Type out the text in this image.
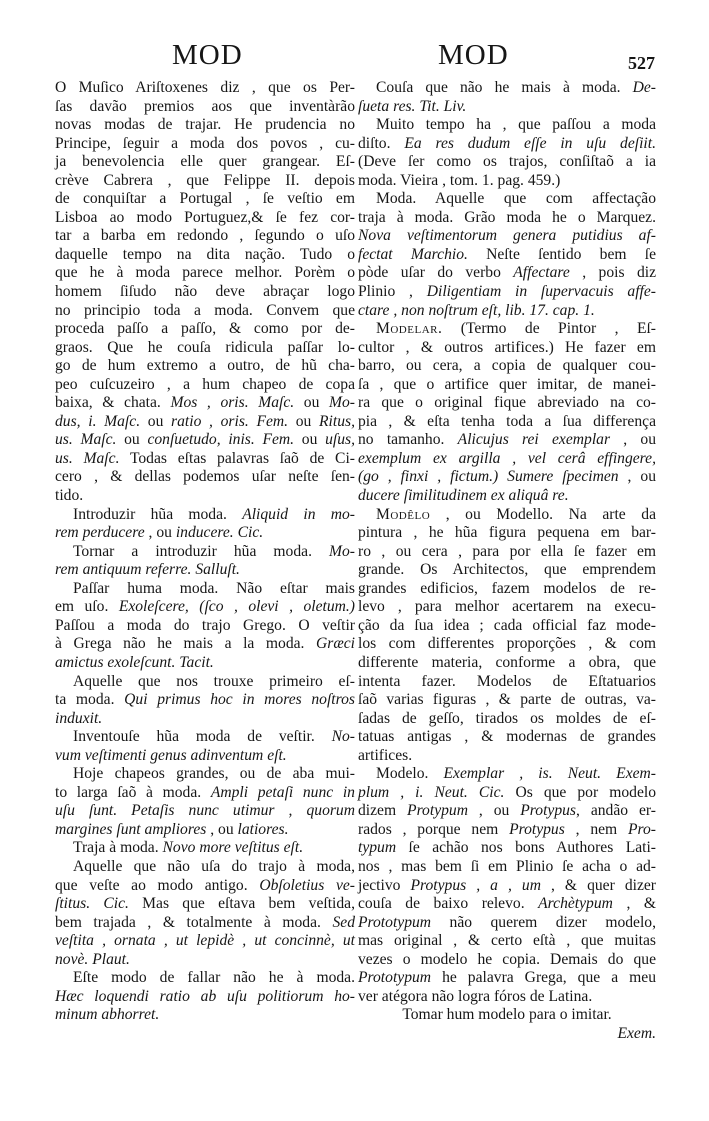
MOD	MOD	527
O Muſico Ariſtoxenes diz , que os Per-
ſas davão premios aos que inventàrão
novas modas de trajar. He prudencia no
Principe, ſeguir a moda dos povos , cu-
ja benevolencia elle quer grangear. Eſ-
crève Cabrera , que Felippe II. depois
de conquiſtar a Portugal , ſe veſtio em
Lisboa ao modo Portuguez,& ſe fez cor-
tar a barba em redondo , ſegundo o uſo
daquelle tempo na dita nação. Tudo o
que he à moda parece melhor. Porèm o
homem ſiſudo não deve abraçar logo
no principio toda a moda. Convem que
proceda paſſo a paſſo, & como por de-
graos. Que he couſa ridicula paſſar lo-
go de hum extremo a outro, de hũ cha-
peo cuſcuzeiro , a hum chapeo de copa
baixa, & chata. Mos , oris. Maſc. ou Mo-
dus, i. Maſc. ou ratio , oris. Fem. ou Ritus,
us. Maſc. ou conſuetudo, inis. Fem. ou uſus,
us. Maſc. Todas eſtas palavras ſaõ de Ci-
cero , & dellas podemos uſar neſte ſen-
tido.
Introduzir hũa moda. Aliquid in mo-
rem perducere , ou inducere. Cic.
Tornar a introduzir hũa moda. Mo-
rem antiquum referre. Salluſt.
Paſſar huma moda. Não eſtar mais
em uſo. Exoleſcere, (ſco , olevi , oletum.)
Paſſou a moda do trajo Grego. O veſtir
à Grega não he mais a la moda. Græci
amictus exoleſcunt. Tacit.
Aquelle que nos trouxe primeiro eſ-
ta moda. Qui primus hoc in mores noſtros
induxit.
Inventouſe hũa moda de veſtir. No-
vum veſtimenti genus adinventum eſt.
Hoje chapeos grandes, ou de aba mui-
to larga ſaõ à moda. Ampli petaſi nunc in
uſu ſunt. Petaſis nunc utimur , quorum
margines ſunt ampliores , ou latiores.
Traja à moda. Novo more veſtitus eſt.
Aquelle que não uſa do trajo à moda,
que veſte ao modo antigo. Obſoletius ve-
ſtitus. Cic. Mas que eſtava bem veſtida,
bem trajada , & totalmente à moda. Sed
veſtita , ornata , ut lepidè , ut concinnè, ut
novè. Plaut.
Eſte modo de fallar não he à moda.
Hæc loquendi ratio ab uſu politiorum ho-
minum abhorret.
Couſa que não he mais à moda. De-
ſueta res. Tit. Liv.
Muito tempo ha , que paſſou a moda
diſto. Ea res dudum eſſe in uſu deſiit.
(Deve ſer como os trajos, conſiſtaõ a ia
moda. Vieira , tom. 1. pag. 459.)
Moda. Aquelle que com affectação
traja à moda. Grão moda he o Marquez.
Nova veſtimentorum genera putidius af-
fectat Marchio. Neſte ſentido bem ſe
pòde uſar do verbo Affectare , pois diz
Plinio , Diligentiam in ſupervacuis affe-
ctare , non noſtrum eſt, lib. 17. cap. 1.
Modelar. (Termo de Pintor , Eſ-
cultor , & outros artifices.) He fazer em
barro, ou cera, a copia de qualquer cou-
ſa , que o artifice quer imitar, de manei-
ra que o original fique abreviado na co-
pia , & eſta tenha toda a ſua differença
no tamanho. Alicujus rei exemplar , ou
exemplum ex argilla , vel cerâ effingere,
(go , finxi , fictum.) Sumere ſpecimen , ou
ducere ſimilitudinem ex aliquâ re.
Modêlo , ou Modello. Na arte da
pintura , he hũa figura pequena em bar-
ro , ou cera , para por ella ſe fazer em
grande. Os Architectos, que emprendem
grandes edificios, fazem modelos de re-
levo , para melhor acertarem na execu-
ção da ſua idea ; cada official faz mode-
los com differentes proporções , & com
differente materia, conforme a obra, que
intenta fazer. Modelos de Eſtatuarios
ſaõ varias figuras , & parte de outras, va-
ſadas de geſſo, tirados os moldes de eſ-
tatuas antigas , & modernas de grandes
artifices.
Modelo. Exemplar , is. Neut. Exem-
plum , i. Neut. Cic. Os que por modelo
dizem Protypum , ou Protypus, andão er-
rados , porque nem Protypus , nem Pro-
typum ſe achão nos bons Authores Lati-
nos , mas bem ſi em Plinio ſe acha o ad-
jectivo Protypus , a , um , & quer dizer
couſa de baixo relevo. Archètypum , &
Prototypum não querem dizer modelo,
mas original , & certo eſtà , que muitas
vezes o modelo he copia. Demais do que
Prototypum he palavra Grega, que a meu
ver atégora não logra fóros de Latina.
Tomar hum modelo para o imitar.
Exem.
